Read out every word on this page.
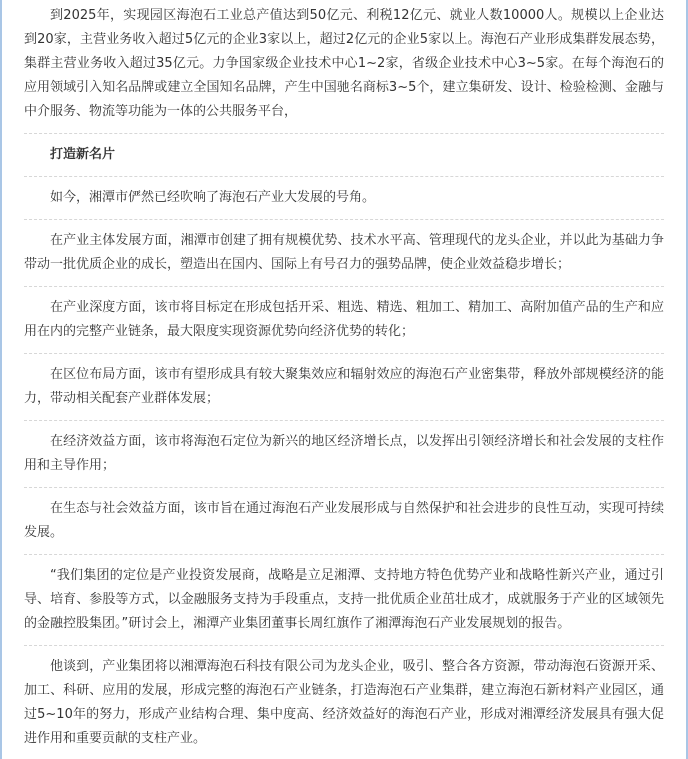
到2025年，实现园区海泡石工业总产值达到50亿元、利税12亿元、就业人数10000人。规模以上企业达到20家，主营业务收入超过5亿元的企业3家以上，超过2亿元的企业5家以上。海泡石产业形成集群发展态势，集群主营业务收入超过35亿元。力争国家级企业技术中心1~2家，省级企业技术中心3~5家。在每个海泡石的应用领域引入知名品牌或建立全国知名品牌，产生中国驰名商标3~5个，建立集研发、设计、检验检测、金融与中介服务、物流等功能为一体的公共服务平台，

打造新名片

如今，湘潭市俨然已经吹响了海泡石产业大发展的号角。

在产业主体发展方面，湘潭市创建了拥有规模优势、技术水平高、管理现代的龙头企业，并以此为基础力争带动一批优质企业的成长，塑造出在国内、国际上有号召力的强势品牌，使企业效益稳步增长；

在产业深度方面，该市将目标定在形成包括开采、粗选、精选、粗加工、精加工、高附加值产品的生产和应用在内的完整产业链条，最大限度实现资源优势向经济优势的转化；

在区位布局方面，该市有望形成具有较大聚集效应和辐射效应的海泡石产业密集带，释放外部规模经济的能力，带动相关配套产业群体发展；

在经济效益方面，该市将海泡石定位为新兴的地区经济增长点，以发挥出引领经济增长和社会发展的支柱作用和主导作用；

在生态与社会效益方面，该市旨在通过海泡石产业发展形成与自然保护和社会进步的良性互动，实现可持续发展。

“我们集团的定位是产业投资发展商，战略是立足湘潭、支持地方特色优势产业和战略性新兴产业，通过引导、培育、参股等方式，以金融服务支持为手段重点，支持一批优质企业茁壮成才，成就服务于产业的区域领先的金融控股集团。”研讨会上，湘潭产业集团董事长周红旗作了湘潭海泡石产业发展规划的报告。

他谈到，产业集团将以湘潭海泡石科技有限公司为龙头企业，吸引、整合各方资源，带动海泡石资源开采、加工、科研、应用的发展，形成完整的海泡石产业链条，打造海泡石产业集群，建立海泡石新材料产业园区，通过5~10年的努力，形成产业结构合理、集中度高、经济效益好的海泡石产业，形成对湘潭经济发展具有强大促进作用和重要贡献的支柱产业。
